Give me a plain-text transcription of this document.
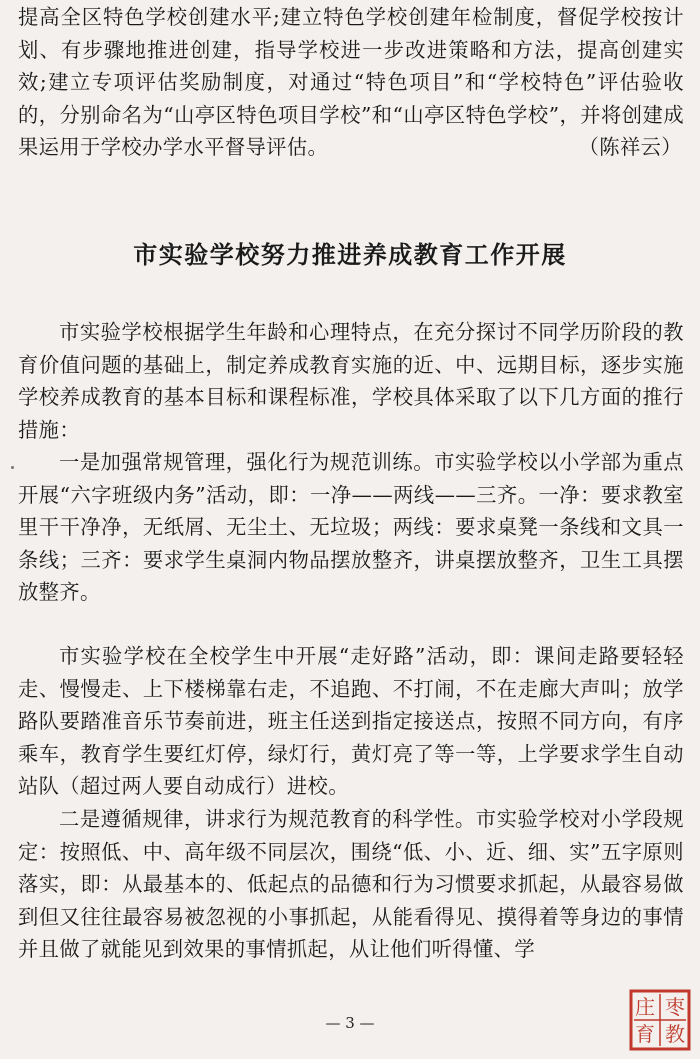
提高全区特色学校创建水平;建立特色学校创建年检制度，督促学校按计划、有步骤地推进创建，指导学校进一步改进策略和方法，提高创建实效;建立专项评估奖励制度，对通过“特色项目”和“学校特色”评估验收的，分别命名为“山亭区特色项目学校”和“山亭区特色学校”，并将创建成果运用于学校办学水平督导评估。	（陈祥云）

市实验学校努力推进养成教育工作开展

市实验学校根据学生年龄和心理特点，在充分探讨不同学历阶段的教育价值问题的基础上，制定养成教育实施的近、中、远期目标，逐步实施学校养成教育的基本目标和课程标准，学校具体采取了以下几方面的推行措施：

一是加强常规管理，强化行为规范训练。市实验学校以小学部为重点开展“六字班级内务”活动，即：一净——两线——三齐。一净：要求教室里干干净净，无纸屑、无尘土、无垃圾；两线：要求桌凳一条线和文具一条线；三齐：要求学生桌洞内物品摆放整齐，讲桌摆放整齐，卫生工具摆放整齐。

市实验学校在全校学生中开展“走好路”活动，即：课间走路要轻轻走、慢慢走、上下楼梯靠右走，不追跑、不打闹，不在走廊大声叫；放学路队要踏准音乐节奏前进，班主任送到指定接送点，按照不同方向，有序乘车，教育学生要红灯停，绿灯行，黄灯亮了等一等，上学要求学生自动站队（超过两人要自动成行）进校。

二是遵循规律，讲求行为规范教育的科学性。市实验学校对小学段规定：按照低、中、高年级不同层次，围绕“低、小、近、细、实”五字原则落实，即：从最基本的、低起点的品德和行为习惯要求抓起，从最容易做到但又往往最容易被忽视的小事抓起，从能看得见、摸得着等身边的事情并且做了就能见到效果的事情抓起，从让他们听得懂、学

— 3 —
枣
庄
教
育
